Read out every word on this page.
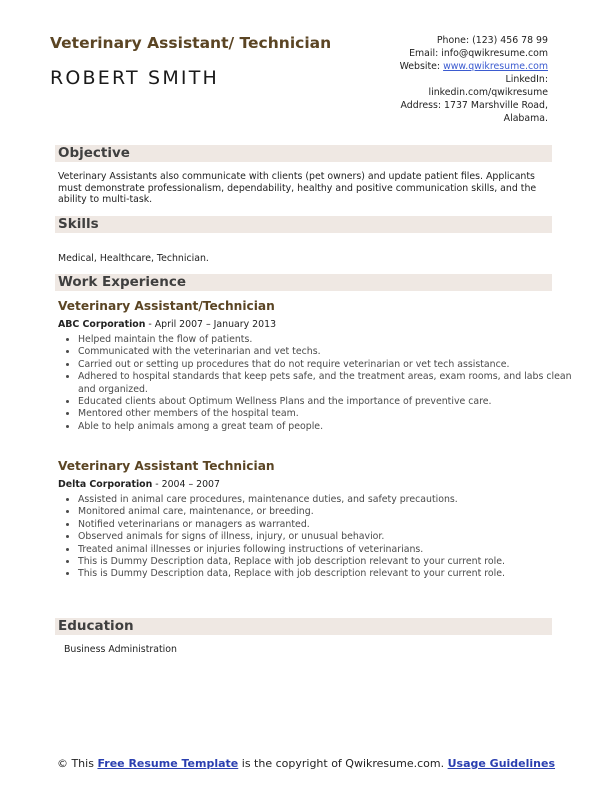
Veterinary Assistant/ Technician
ROBERT SMITH
Phone: (123) 456 78 99
Email: info@qwikresume.com
Website: www.qwikresume.com
LinkedIn:
linkedin.com/qwikresume
Address: 1737 Marshville Road,
Alabama.
Objective
Veterinary Assistants also communicate with clients (pet owners) and update patient files. Applicants must demonstrate professionalism, dependability, healthy and positive communication skills, and the ability to multi-task.
Skills
Medical, Healthcare, Technician.
Work Experience
Veterinary Assistant/Technician
ABC Corporation - April 2007 – January 2013
• Helped maintain the flow of patients.
• Communicated with the veterinarian and vet techs.
• Carried out or setting up procedures that do not require veterinarian or vet tech assistance.
• Adhered to hospital standards that keep pets safe, and the treatment areas, exam rooms, and labs clean and organized.
• Educated clients about Optimum Wellness Plans and the importance of preventive care.
• Mentored other members of the hospital team.
• Able to help animals among a great team of people.
Veterinary Assistant Technician
Delta Corporation - 2004 – 2007
• Assisted in animal care procedures, maintenance duties, and safety precautions.
• Monitored animal care, maintenance, or breeding.
• Notified veterinarians or managers as warranted.
• Observed animals for signs of illness, injury, or unusual behavior.
• Treated animal illnesses or injuries following instructions of veterinarians.
• This is Dummy Description data, Replace with job description relevant to your current role.
• This is Dummy Description data, Replace with job description relevant to your current role.
Education
Business Administration
© This Free Resume Template is the copyright of Qwikresume.com. Usage Guidelines
